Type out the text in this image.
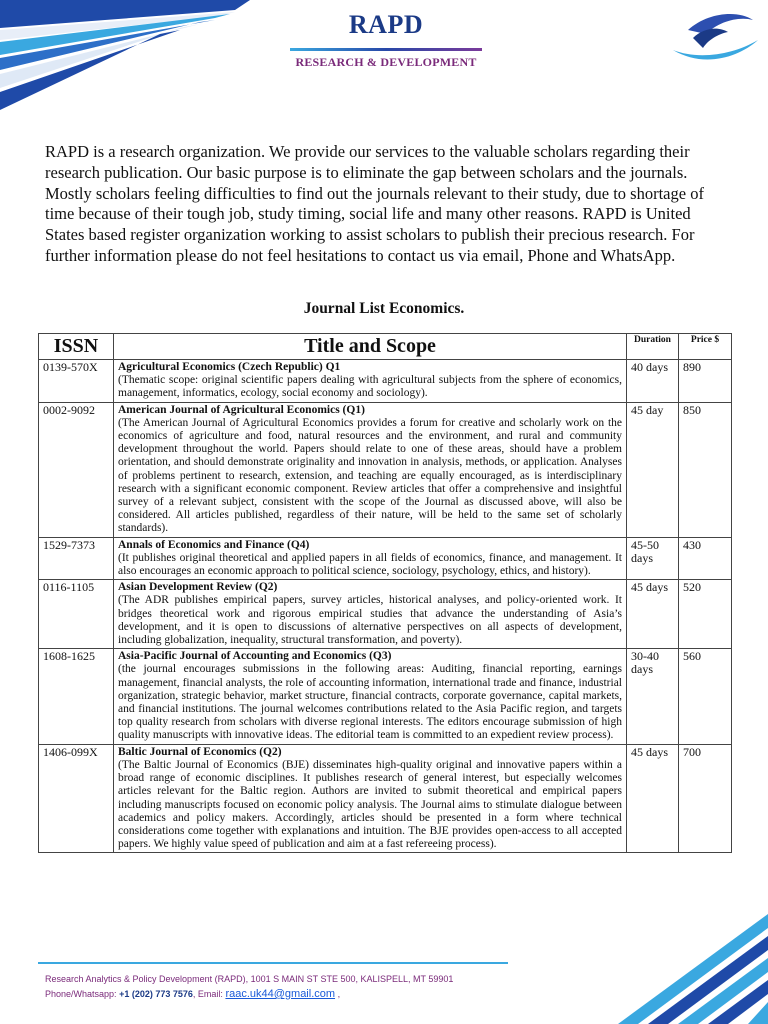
RAPD
RESEARCH & DEVELOPMENT
RAPD is a research organization. We provide our services to the valuable scholars regarding their research publication. Our basic purpose is to eliminate the gap between scholars and the journals. Mostly scholars feeling difficulties to find out the journals relevant to their study, due to shortage of time because of their tough job, study timing, social life and many other reasons. RAPD is United States based register organization working to assist scholars to publish their precious research. For further information please do not feel hesitations to contact us via email, Phone and WhatsApp.
Journal List Economics.
ISSN	Title and Scope	Duration	Price $
0139-570X	Agricultural Economics (Czech Republic) Q1
(Thematic scope: original scientific papers dealing with agricultural subjects from the sphere of economics, management, informatics, ecology, social economy and sociology).	40 days	890
0002-9092	American Journal of Agricultural Economics (Q1)
(The American Journal of Agricultural Economics provides a forum for creative and scholarly work on the economics of agriculture and food, natural resources and the environment, and rural and community development throughout the world. Papers should relate to one of these areas, should have a problem orientation, and should demonstrate originality and innovation in analysis, methods, or application. Analyses of problems pertinent to research, extension, and teaching are equally encouraged, as is interdisciplinary research with a significant economic component. Review articles that offer a comprehensive and insightful survey of a relevant subject, consistent with the scope of the Journal as discussed above, will also be considered. All articles published, regardless of their nature, will be held to the same set of scholarly standards).	45 day	850
1529-7373	Annals of Economics and Finance (Q4)
(It publishes original theoretical and applied papers in all fields of economics, finance, and management. It also encourages an economic approach to political science, sociology, psychology, ethics, and history).	45-50 days	430
0116-1105	Asian Development Review (Q2)
(The ADR publishes empirical papers, survey articles, historical analyses, and policy-oriented work. It bridges theoretical work and rigorous empirical studies that advance the understanding of Asia’s development, and it is open to discussions of alternative perspectives on all aspects of development, including globalization, inequality, structural transformation, and poverty).	45 days	520
1608-1625	Asia-Pacific Journal of Accounting and Economics (Q3)
(the journal encourages submissions in the following areas: Auditing, financial reporting, earnings management, financial analysts, the role of accounting information, international trade and finance, industrial organization, strategic behavior, market structure, financial contracts, corporate governance, capital markets, and financial institutions. The journal welcomes contributions related to the Asia Pacific region, and targets top quality research from scholars with diverse regional interests. The editors encourage submission of high quality manuscripts with innovative ideas. The editorial team is committed to an expedient review process).	30-40 days	560
1406-099X	Baltic Journal of Economics (Q2)
(The Baltic Journal of Economics (BJE) disseminates high-quality original and innovative papers within a broad range of economic disciplines. It publishes research of general interest, but especially welcomes articles relevant for the Baltic region. Authors are invited to submit theoretical and empirical papers including manuscripts focused on economic policy analysis. The Journal aims to stimulate dialogue between academics and policy makers. Accordingly, articles should be presented in a form where technical considerations come together with explanations and intuition. The BJE provides open-access to all accepted papers. We highly value speed of publication and aim at a fast refereeing process).	45 days	700
Research Analytics & Policy Development (RAPD), 1001 S MAIN ST STE 500, KALISPELL, MT 59901
Phone/Whatsapp: +1 (202) 773 7576, Email: raac.uk44@gmail.com ,
